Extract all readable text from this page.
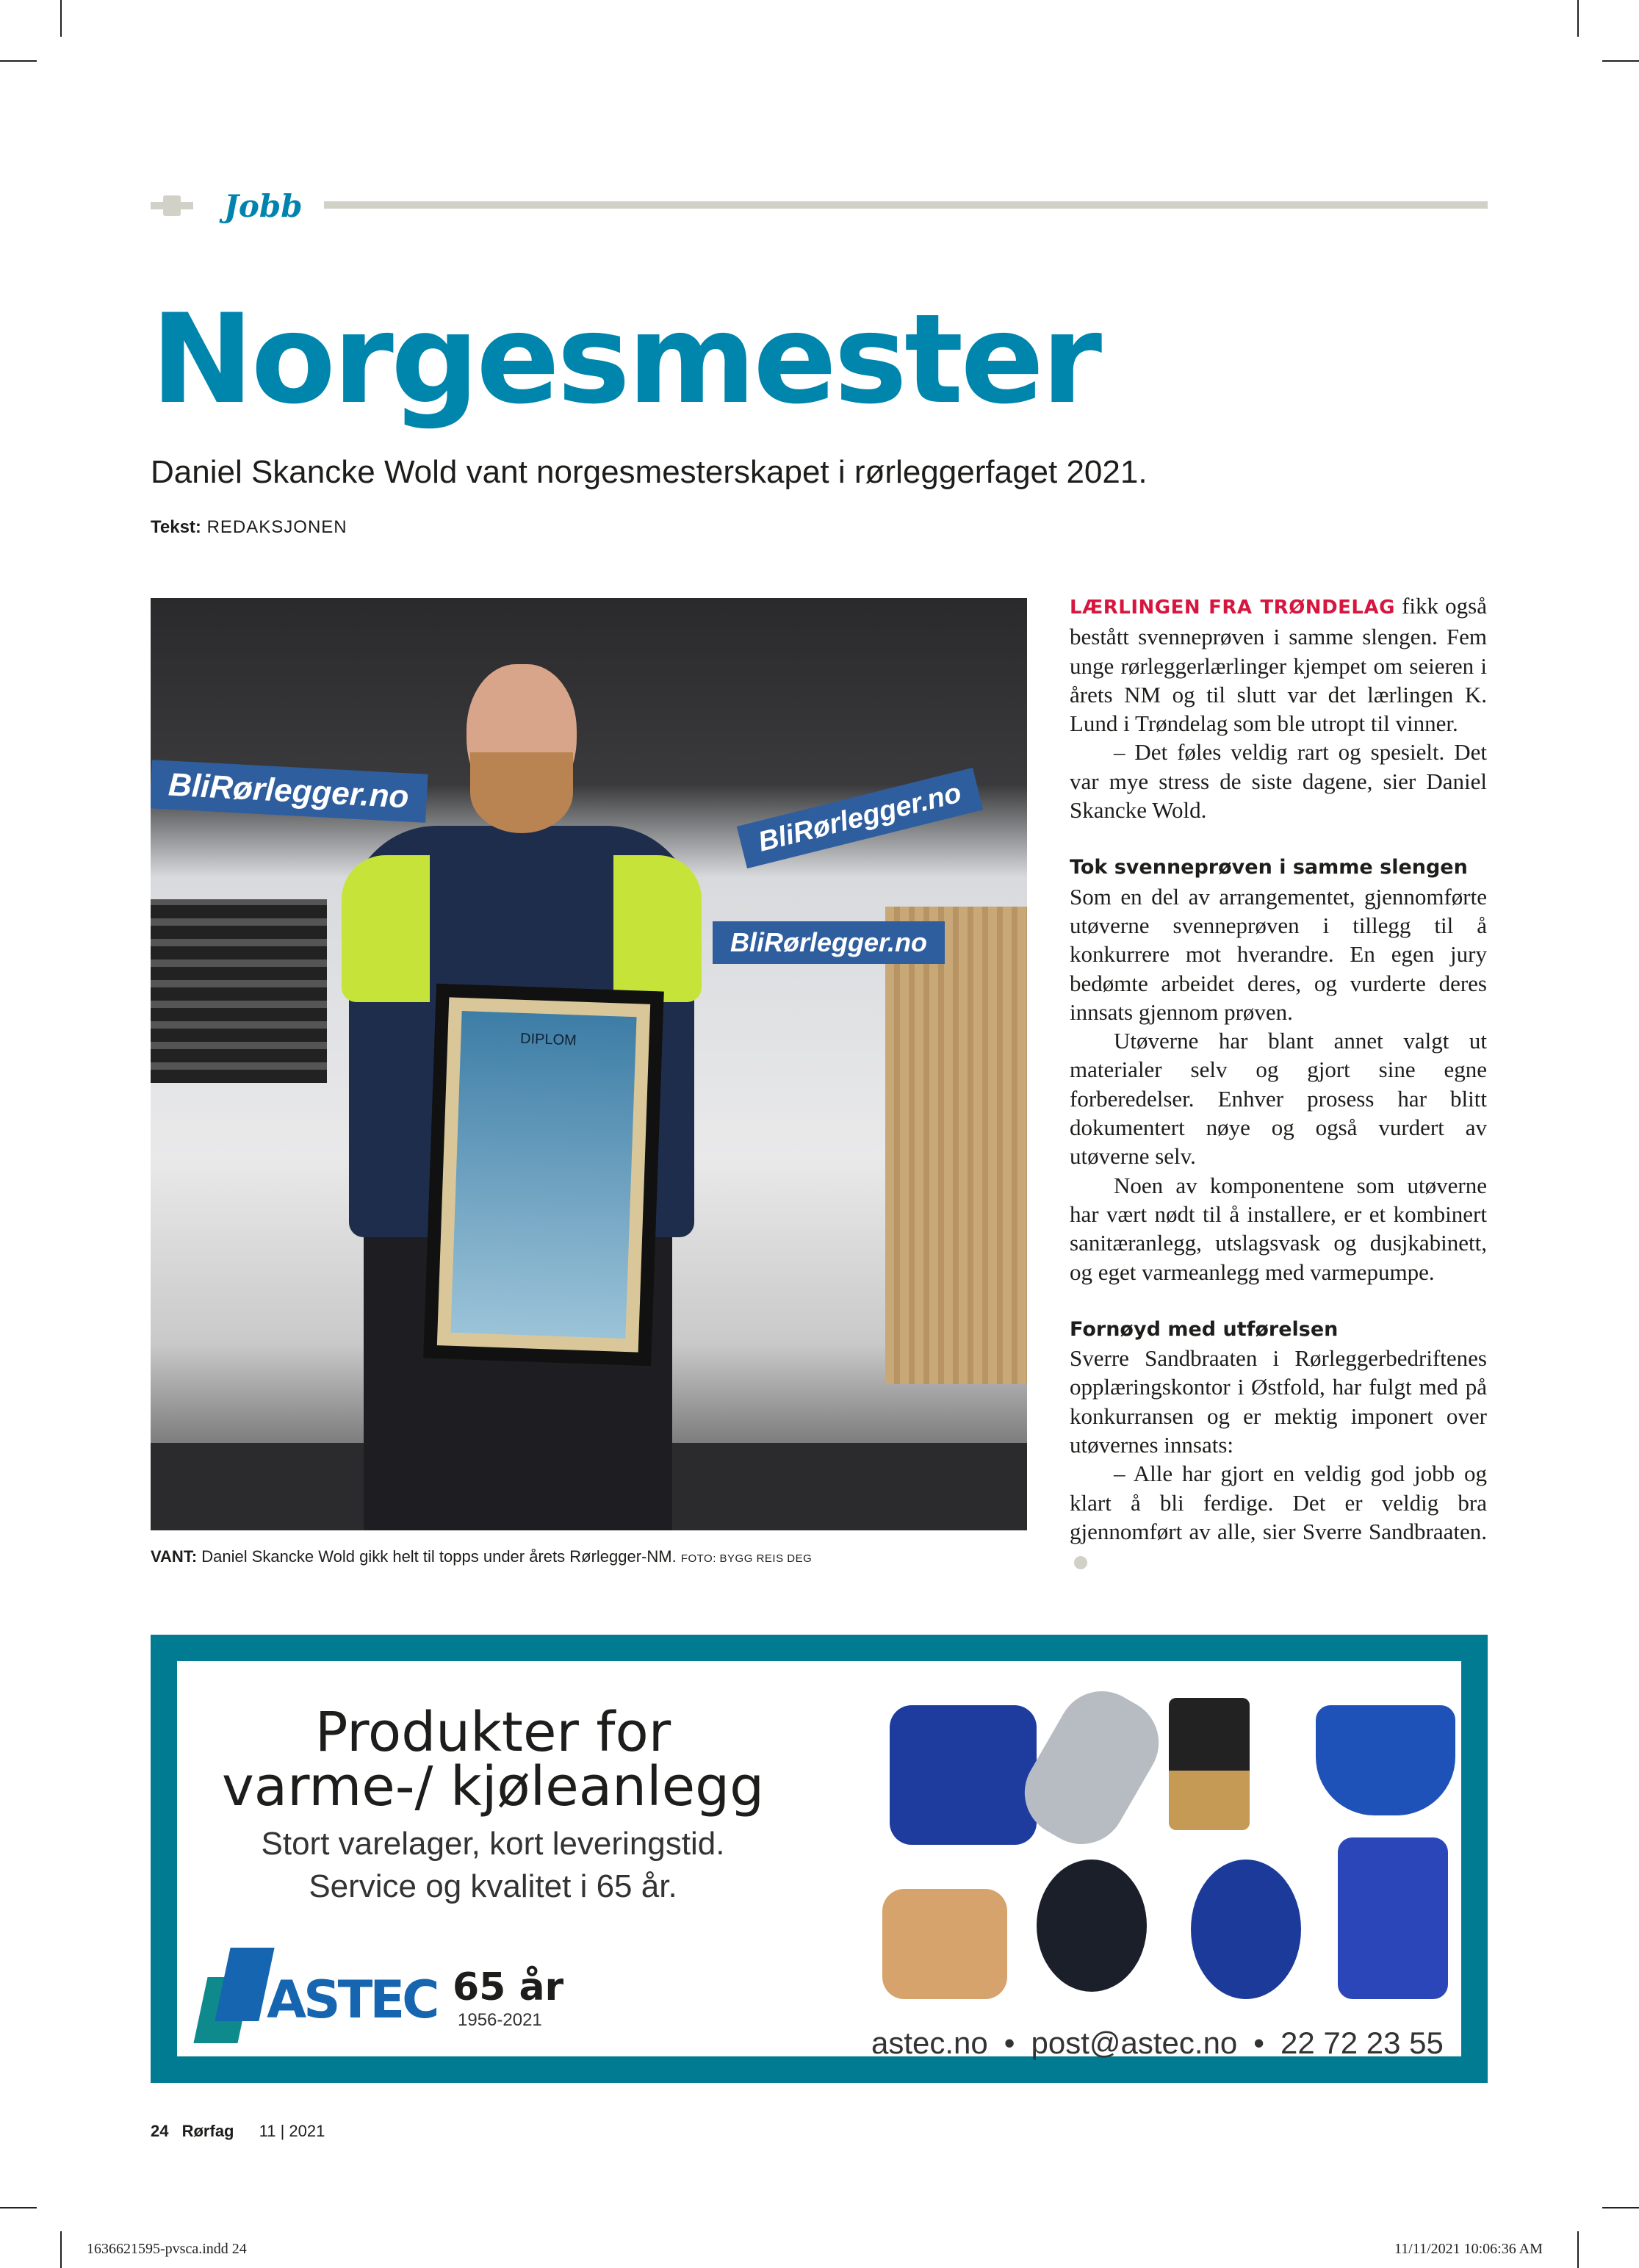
Jobb
Norgesmester
Daniel Skancke Wold vant norgesmesterskapet i rørleggerfaget 2021.
Tekst: REDAKSJONEN
BliRørlegger.no
BliRørlegger.no
BliRørlegger.no
DIPLOM
VANT: Daniel Skancke Wold gikk helt til topps under årets Rørlegger-NM. FOTO: BYGG REIS DEG

LÆRLINGEN FRA TRØNDELAG fikk også bestått svenneprøven i samme slengen. Fem unge rørleggerlærlinger kjempet om seieren i årets NM og til slutt var det lærlingen K. Lund i Trøndelag som ble utropt til vinner.

– Det føles veldig rart og spesielt. Det var mye stress de siste dagene, sier Daniel Skancke Wold.

Tok svenneprøven i samme slengen

Som en del av arrangementet, gjennomførte utøverne svenneprøven i tillegg til å konkurrere mot hverandre. En egen jury bedømte arbeidet deres, og vurderte deres innsats gjennom prøven.

Utøverne har blant annet valgt ut materialer selv og gjort sine egne forberedelser. Enhver prosess har blitt dokumentert nøye og også vurdert av utøverne selv.

Noen av komponentene som utøverne har vært nødt til å installere, er et kombinert sanitæranlegg, utslagsvask og dusjkabinett, og eget varmeanlegg med varmepumpe.

Fornøyd med utførelsen

Sverre Sandbraaten i Rørleggerbedriftenes opplæringskontor i Østfold, har fulgt med på konkurransen og er mektig imponert over utøvernes innsats:

– Alle har gjort en veldig god jobb og klart å bli ferdige. Det er veldig bra gjennomført av alle, sier Sverre Sandbraaten.

Produkter for
varme-/ kjøleanlegg
Stort varelager, kort leveringstid.
Service og kvalitet i 65 år.
ASTEC 65 år
1956-2021
astec.no • post@astec.no • 22 72 23 55
24 Rørfag 11 | 2021
1636621595-pvsca.indd 24	11/11/2021 10:06:36 AM
